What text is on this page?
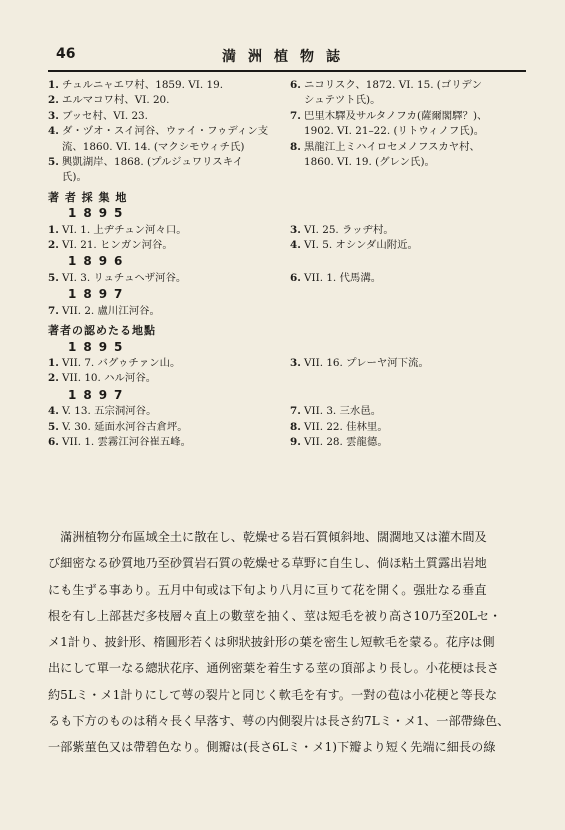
46	満洲植物誌
1. チュルニャエワ村、1859. VI. 19.
2. エルマコワ村、VI. 20.
3. ブッセ村、VI. 23.
4. ダ・ヅオ・スイ河谷、ウァイ・フゥディン支
流、1860. VI. 14. (マクシモウィチ氏)
5. 興凱湖岸、1868. (プルジュワリスキイ
氏)。
6. ニコリスク、1872. VI. 15. (ゴリデン
シュテツト氏)。
7. 巴里木驛及サルタノフカ(薩爾閣驛？)、
1902. VI. 21–22. (リトウィノフ氏)。
8. 黒龍江上ミハイロセメノフスカヤ村、
1860. VI. 19. (グレン氏)。
著 者 採 集 地
1895
1. VI. 1. 上ヂチュン河々口。
2. VI. 21. ヒンガン河谷。
3. VI. 25. ラッヂ村。
4. VI. 5. オシンダ山附近。
1896
5. VI. 3. リュチュヘザ河谷。	6. VII. 1. 代馬溝。
1897
7. VII. 2. 盧川江河谷。
著者の認めたる地點
1895
1. VII. 7. バグゥチァン山。
2. VII. 10. ハル河谷。
3. VII. 16. プレーヤ河下流。
1897
4. V. 13. 五宗洞河谷。
5. V. 30. 延面水河谷古倉坪。
6. VII. 1. 雲霧江河谷崔五峰。
7. VII. 3. 三水邑。
8. VII. 22. 佳林里。
9. VII. 28. 雲龍德。
　滿洲植物分布區域全土に散在し、乾燥せる岩石質傾斜地、闊濶地又は灌木間及
び細密なる砂質地乃至砂質岩石質の乾燥せる草野に自生し、倘ほ粘土質露出岩地
にも生ずる事あり。五月中旬或は下旬より八月に亘りて花を開く。强壯なる垂直
根を有し上部甚だ多枝層々直上の數莖を抽く、莖は短毛を被り高さ10乃至20Lセ・
メ1計り、披針形、楕圓形若くは卵狀披針形の葉を密生し短軟毛を蒙る。花序は側
出にして單一なる總狀花序、通例密葉を着生する莖の頂部より長し。小花梗は長さ
約5Lミ・メ1計りにして萼の裂片と同じく軟毛を有す。一對の苞は小花梗と等長な
るも下方のものは稍々長く早落す、萼の内側裂片は長さ約7Lミ・メ1、一部帶綠色、
一部紫菫色又は帶碧色なり。側瓣は(長さ6Lミ・メ1)下瓣より短く先端に細長の綠
